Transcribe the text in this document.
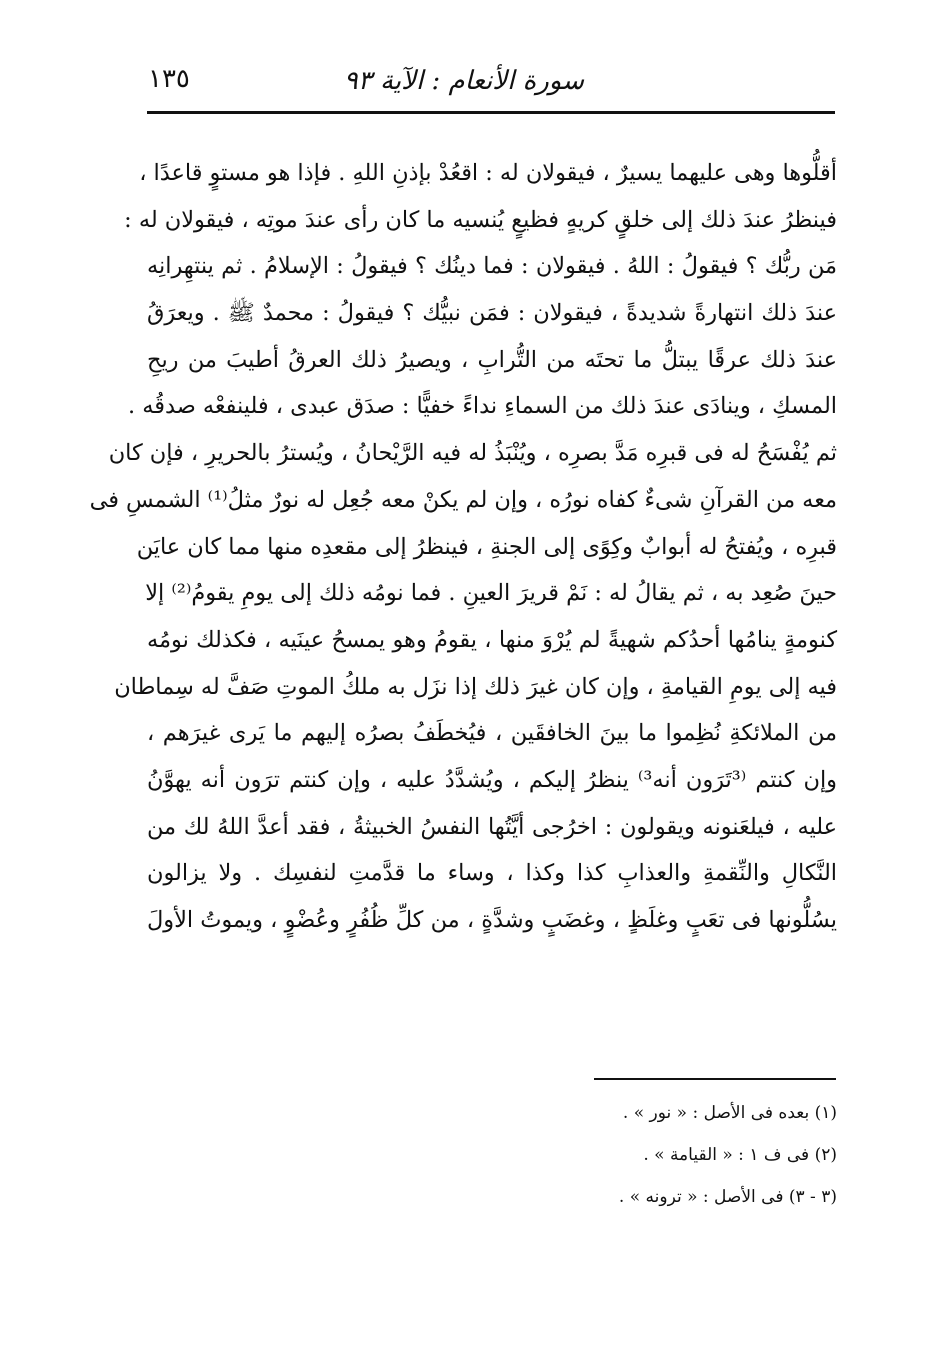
سورة الأنعام : الآية ٩٣
١٣٥
أقلُّوها وهى عليهما يسيرٌ ، فيقولان له : اقعُدْ بإذنِ اللهِ . فإذا هو مستوٍ قاعدًا ،
فينظرُ عندَ ذلك إلى خلقٍ كريهٍ فظيعٍ يُنسيه ما كان رأى عندَ موتِه ، فيقولان له :
مَن ربُّك ؟ فيقولُ : اللهُ . فيقولان : فما دينُك ؟ فيقولُ : الإسلامُ . ثم ينتهِرانِه
عندَ ذلك انتهارةً شديدةً ، فيقولان : فمَن نبيُّك ؟ فيقولُ : محمدٌ ﷺ . ويعرَقُ
عندَ ذلك عرقًا يبتلُّ ما تحتَه من التُّرابِ ، ويصيرُ ذلك العرقُ أطيبَ من ريحِ
المسكِ ، وينادَى عندَ ذلك من السماءِ نداءً خفيًّا : صدَق عبدى ، فلينفعْه صدقُه .
ثم يُفْسَحُ له فى قبرِه مَدَّ بصرِه ، ويُنْبَذُ له فيه الرَّيْحانُ ، ويُسترُ بالحريرِ ، فإن كان
معه من القرآنِ شىءٌ كفاه نورُه ، وإن لم يكنْ معه جُعِل له نورٌ مثلُ⁽¹⁾ الشمسِ فى
قبرِه ، ويُفتحُ له أبوابٌ وكِوًى إلى الجنةِ ، فينظرُ إلى مقعدِه منها مما كان عايَن
حينَ صُعِد به ، ثم يقالُ له : نَمْ قريرَ العينِ . فما نومُه ذلك إلى يومِ يقومُ⁽²⁾ إلا
كنومةٍ ينامُها أحدُكم شهيةً لم يُرْوَ منها ، يقومُ وهو يمسحُ عينَيه ، فكذلك نومُه
فيه إلى يومِ القيامةِ ، وإن كان غيرَ ذلك إذا نزَل به ملكُ الموتِ صَفَّ له سِماطان
من الملائكةِ نُظِموا ما بينَ الخافقَين ، فيُخطَفُ بصرُه إليهم ما يَرى غيرَهم ،
وإن كنتم ⁽³تَرَون أنه³⁾ ينظرُ إليكم ، ويُشدَّدُ عليه ، وإن كنتم ترَون أنه يهوَّنُ
عليه ، فيلعَنونه ويقولون : اخرُجى أيَّتُها النفسُ الخبيثةُ ، فقد أعدَّ اللهُ لك من
النَّكالِ والنِّقمةِ والعذابِ كذا وكذا ، وساء ما قدَّمتِ لنفسِك . ولا يزالون
يسُلُّونها فى تعَبٍ وغلَظٍ ، وغضَبٍ وشدَّةٍ ، من كلِّ ظُفُرٍ وعُضْوٍ ، ويموتُ الأولَ
(١) بعده فى الأصل : « نور » .
(٢) فى ف ١ : « القيامة » .
(٣ - ٣) فى الأصل : « ترونه » .
